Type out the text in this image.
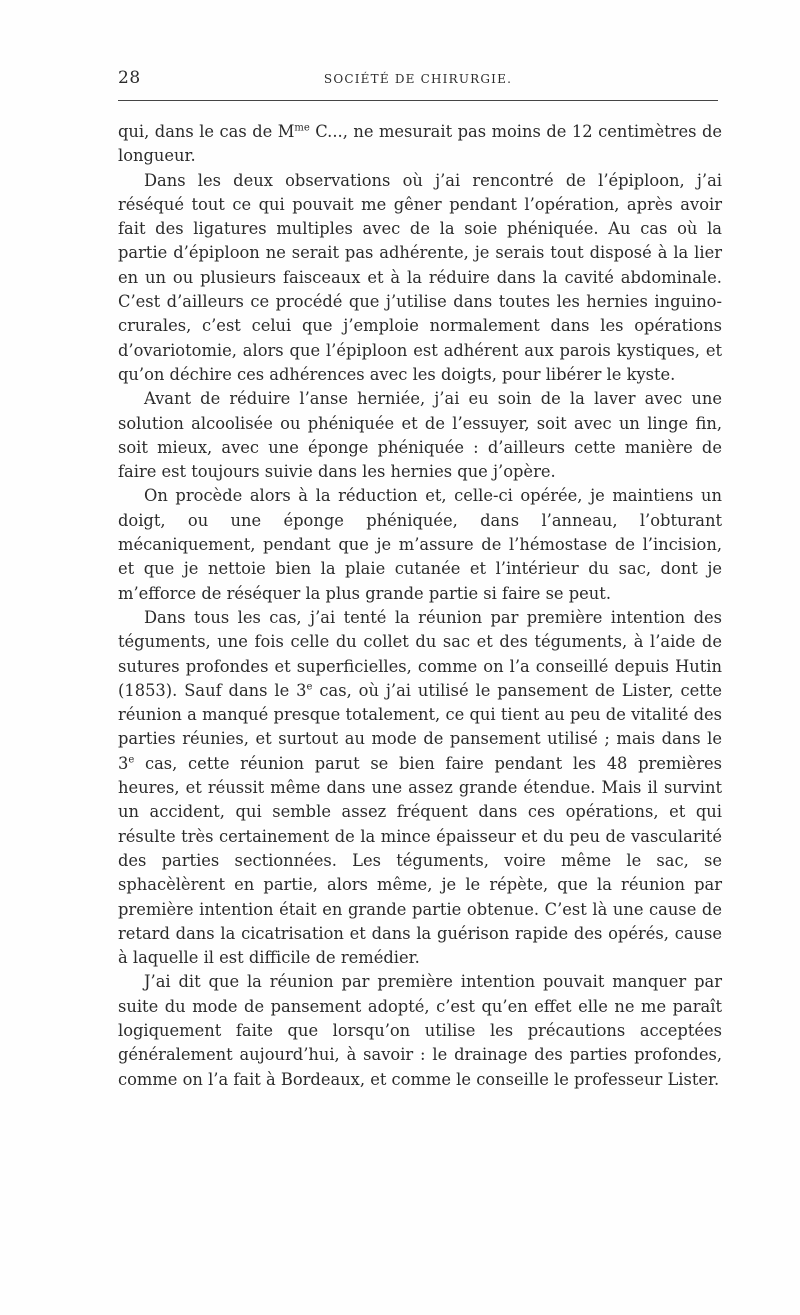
28	SOCIÉTÉ DE CHIRURGIE.

qui, dans le cas de $M^{me}$ C..., ne mesurait pas moins de 12 centimètres de longueur.

Dans les deux observations où j’ai rencontré de l’épiploon, j’ai réséqué tout ce qui pouvait me gêner pendant l’opération, après avoir fait des ligatures multiples avec de la soie phéniquée. Au cas où la partie d’épiploon ne serait pas adhérente, je serais tout disposé à la lier en un ou plusieurs faisceaux et à la réduire dans la cavité abdominale. C’est d’ailleurs ce procédé que j’utilise dans toutes les hernies inguino-crurales, c’est celui que j’emploie normalement dans les opérations d’ovariotomie, alors que l’épiploon est adhérent aux parois kystiques, et qu’on déchire ces adhérences avec les doigts, pour libérer le kyste.

Avant de réduire l’anse herniée, j’ai eu soin de la laver avec une solution alcoolisée ou phéniquée et de l’essuyer, soit avec un linge fin, soit mieux, avec une éponge phéniquée : d’ailleurs cette manière de faire est toujours suivie dans les hernies que j’opère.

On procède alors à la réduction et, celle-ci opérée, je maintiens un doigt, ou une éponge phéniquée, dans l’anneau, l’obturant mécaniquement, pendant que je m’assure de l’hémostase de l’incision, et que je nettoie bien la plaie cutanée et l’intérieur du sac, dont je m’efforce de réséquer la plus grande partie si faire se peut.

Dans tous les cas, j’ai tenté la réunion par première intention des téguments, une fois celle du collet du sac et des téguments, à l’aide de sutures profondes et superficielles, comme on l’a conseillé depuis Hutin (1853). Sauf dans le 3e cas, où j’ai utilisé le pansement de Lister, cette réunion a manqué presque totalement, ce qui tient au peu de vitalité des parties réunies, et surtout au mode de pansement utilisé ; mais dans le 3e cas, cette réunion parut se bien faire pendant les 48 premières heures, et réussit même dans une assez grande étendue. Mais il survint un accident, qui semble assez fréquent dans ces opérations, et qui résulte très certainement de la mince épaisseur et du peu de vascularité des parties sectionnées. Les téguments, voire même le sac, se sphacèlèrent en partie, alors même, je le répète, que la réunion par première intention était en grande partie obtenue. C’est là une cause de retard dans la cicatrisation et dans la guérison rapide des opérés, cause à laquelle il est difficile de remédier.

J’ai dit que la réunion par première intention pouvait manquer par suite du mode de pansement adopté, c’est qu’en effet elle ne me paraît logiquement faite que lorsqu’on utilise les précautions acceptées généralement aujourd’hui, à savoir : le drainage des parties profondes, comme on l’a fait à Bordeaux, et comme le conseille le professeur Lister.
